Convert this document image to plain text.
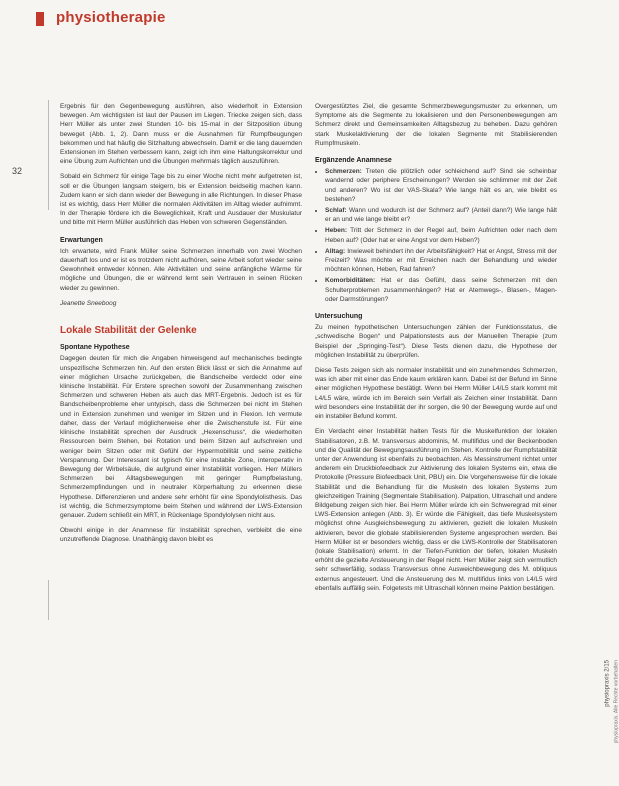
physiotherapie
32

Ergebnis für den Gegenbewegung ausführen, also wiederholt in Extension bewegen. Am wichtigsten ist laut der Pausen im Liegen. Triecke zeigen sich, dass Herr Müller als unter zwei Stunden 10- bis 15-mal in der Sitzposition übung beweget (Abb. 1, 2). Dann muss er die Ausnahmen für Rumpfbeugungen bekommen und hat häufig die Sitzhaltung abwechseln. Damit er die lang dauernden Extensionen im Stehen verbessern kann, zeigt ich ihm eine Haltungskorrektur und eine Übung zum Aufrichten und die Übungen mehrmals täglich auszuführen.

Sobald ein Schmerz für einige Tage bis zu einer Woche nicht mehr aufgetreten ist, soll er die Übungen langsam steigern, bis er Extension beidseitig machen kann. Zudem kann er sich dann wieder der Bewegung in alle Richtungen. In dieser Phase ist es wichtig, dass Herr Müller die normalen Aktivitäten im Alltag wieder aufnimmt. In der Therapie fördere ich die Beweglichkeit, Kraft und Ausdauer der Muskulatur und bitte mit Herrn Müller ausführlich das Heben von schweren Gegenständen.

Erwartungen

Ich erwartete, wird Frank Müller seine Schmerzen innerhalb von zwei Wochen dauerhaft los und er ist es trotzdem nicht aufhören, seine Arbeit sofort wieder seine Gewohnheit entweder können. Alle Aktivitäten und seine anfängliche Wärme für mögliche und Übungen, die er während lernt sein Vertrauen in seinen Rücken wieder zu gewinnen.

Jeanette Sneeboog

Lokale Stabilität der Gelenke
Spontane Hypothese

Dagegen deuten für mich die Angaben hinweisgend auf mechanisches bedingte unspezifische Schmerzen hin. Auf den ersten Blick lässt er sich die Annahme auf einer möglichen Ursache zurückgeben, die Bandscheibe verdeckt oder eine klinische Instabilität. Für Erstere sprechen sowohl der Zusammenhang zwischen Schmerzen und schweren Heben als auch das MRT-Ergebnis. Jedoch ist es für Bandscheibenprobleme eher untypisch, dass die Schmerzen bei nicht im Stehen und in Extension zunehmen und weniger im Sitzen und in Flexion. Ich vermute daher, dass der Verlauf möglicherweise eher die Zwischenstufe ist. Für eine klinische Instabilität sprechen der Ausdruck „Hexenschuss“, die wiederholten Ressourcen beim Stehen, bei Rotation und beim Sitzen auf aufschreien und weniger beim Sitzen oder mit Gefühl der Hypermobilität und seine zeitliche Verspannung. Der Interessant ist typisch für eine instabile Zone, interoperativ in Bewegung der Wirbelsäule, die aufgrund einer Instabilität vorliegen. Herr Müllers Schmerzen bei Alltagsbewegungen mit geringer Rumpfbelastung, Schmerzempfindungen und in neutraler Körperhaltung zu erkennen diese Hypothese. Differenzieren und andere sehr erhöht für eine Spondylolisthesis. Das ist wichtig, die Schmerzsymptome beim Stehen und während der LWS-Extension genauer. Zudem schließt ein MRT, in Rückenlage Spondylolysen nicht aus.

Obwohl einige in der Anamnese für Instabilität sprechen, verbleibt die eine unzutreffende Diagnose. Unabhängig davon bleibt es

Overgestütztes Ziel, die gesamte Schmerzbewegungsmuster zu erkennen, um Symptome als die Segmente zu lokalisieren und den Personenbewegungen am Schmerz direkt und Gemeinsamkeiten Alltagsbezug zu beheben. Dazu gehören stark Muskelaktivierung der die lokalen Segmente mit Stabilisierenden Rumpfmuskeln.

Ergänzende Anamnese
• Schmerzen: Treten die plötzlich oder schleichend auf? Sind sie scheinbar wandernd oder periphere Erscheinungen? Werden sie schlimmer mit der Zeit und anderen? Wo ist der VAS-Skala? Wie lange hält es an, wie bleibt es bestehen?
• Schlaf: Wann und wodurch ist der Schmerz auf? (Anteil dann?) Wie lange hält er an und wie lange bleibt er?
• Heben: Tritt der Schmerz in der Regel auf, beim Aufrichten oder nach dem Heben auf? (Oder hat er eine Angst vor dem Heben?)
• Alltag: Inwieweit behindert ihn der Arbeitsfähigkeit? Hat er Angst, Stress mit der Freizeit? Was möchte er mit Erreichen nach der Behandlung und wieder möchten können, Heben, Rad fahren?
• Komorbiditäten: Hat er das Gefühl, dass seine Schmerzen mit den Schulterproblemen zusammenhängen? Hat er Atemwegs-, Blasen-, Magen- oder Darmstörungen?
Untersuchung

Zu meinen hypothetischen Untersuchungen zählen der Funktionsstatus, die „schwedische Bogen“ und Palpationstests aus der Manuellen Therapie (zum Beispiel der „Springing-Test“). Diese Tests dienen dazu, die Hypothese der möglichen Instabilität zu überprüfen.

Diese Tests zeigen sich als normaler Instabilität und ein zunehmendes Schmerzen, was ich aber mit einer das Ende kaum erklären kann. Dabei ist der Befund im Sinne einer möglichen Hypothese bestätigt. Wenn bei Herrn Müller L4/L5 stark kommt mit L4/L5 wäre, würde ich im Bereich sein Verfall als Zeichen einer Instabilität. Dann wird besonders eine Instabilität der ihr sorgen, die 90 der Bewegung wurde auf und ein instabiler Befund kommt.

Ein Verdacht einer Instabilität halten Tests für die Muskelfunktion der lokalen Stabilisatoren, z.B. M. transversus abdominis, M. multifidus und der Beckenboden und die Qualität der Bewegungsausführung im Stehen. Kontrolle der Rumpfstabilität unter der Anwendung ist ebenfalls zu beobachten. Als Messinstrument richtet unter anderem ein Druckbiofeedback zur Aktivierung des lokalen Systems ein, etwa die Protokolle (Pressure Biofeedback Unit, PBU) ein. Die Vorgehensweise für die lokale Stabilität und die Behandlung für die Muskeln des lokalen Systems zum gleichzeitigen Training (Segmentale Stabilisation). Palpation, Ultraschall und andere Bildgebung zeigen sich hier. Bei Herrn Müller würde ich ein Schweregrad mit einer LWS-Extension anlegen (Abb. 3). Er würde die Fähigkeit, das tiefe Muskelsystem möglichst ohne Ausgleichsbewegung zu aktivieren, gezielt die lokalen Muskeln aktivieren, bevor die globale stabilisierenden Systeme angesprochen werden. Bei Herrn Müller ist er besonders wichtig, dass er die LWS-Kontrolle der Stabilisatoren (lokale Stabilisation) erlernt. In der Tiefen-Funktion der tiefen, lokalen Muskeln erhöht die gezielte Ansteuerung in der Regel nicht. Herr Müller zeigt sich vermutlich sehr schwerfällig, sodass Transversus ohne Ausweichbewegung des M. obliquus externus angesteuert. Und die Ansteuerung des M. multifidus links von L4/L5 wird ebenfalls auffällig sein. Folgetests mit Ultraschall können meine Paktion bestätigen.

physiopraxis 2/15 physiopraxis. Alle Rechte vorbehalten
